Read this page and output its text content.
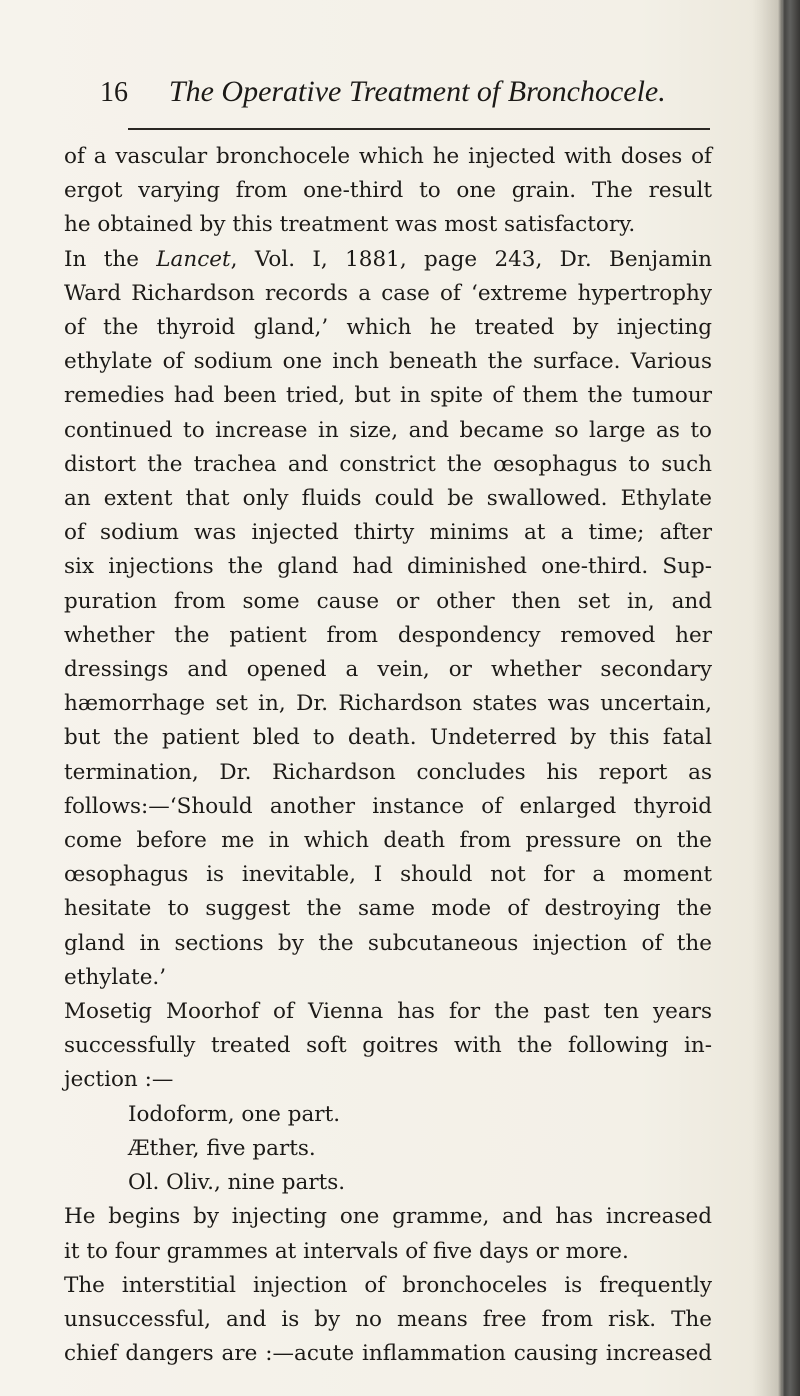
16 The Operative Treatment of Bronchocele.
of a vascular bronchocele which he injected with doses of
ergot varying from one-third to one grain. The result
he obtained by this treatment was most satisfactory.
In the Lancet, Vol. I, 1881, page 243, Dr. Benjamin
Ward Richardson records a case of ‘extreme hypertrophy
of the thyroid gland,’ which he treated by injecting
ethylate of sodium one inch beneath the surface. Various
remedies had been tried, but in spite of them the tumour
continued to increase in size, and became so large as to
distort the trachea and constrict the œsophagus to such
an extent that only fluids could be swallowed. Ethylate
of sodium was injected thirty minims at a time; after
six injections the gland had diminished one-third. Sup-
puration from some cause or other then set in, and
whether the patient from despondency removed her
dressings and opened a vein, or whether secondary
hæmorrhage set in, Dr. Richardson states was uncertain,
but the patient bled to death. Undeterred by this fatal
termination, Dr. Richardson concludes his report as
follows:—‘Should another instance of enlarged thyroid
come before me in which death from pressure on the
œsophagus is inevitable, I should not for a moment
hesitate to suggest the same mode of destroying the
gland in sections by the subcutaneous injection of the
ethylate.’
Mosetig Moorhof of Vienna has for the past ten years
successfully treated soft goitres with the following in-
jection :—
Iodoform, one part.
Æther, five parts.
Ol. Oliv., nine parts.
He begins by injecting one gramme, and has increased
it to four grammes at intervals of five days or more.
The interstitial injection of bronchoceles is frequently
unsuccessful, and is by no means free from risk. The
chief dangers are :—acute inflammation causing increased
